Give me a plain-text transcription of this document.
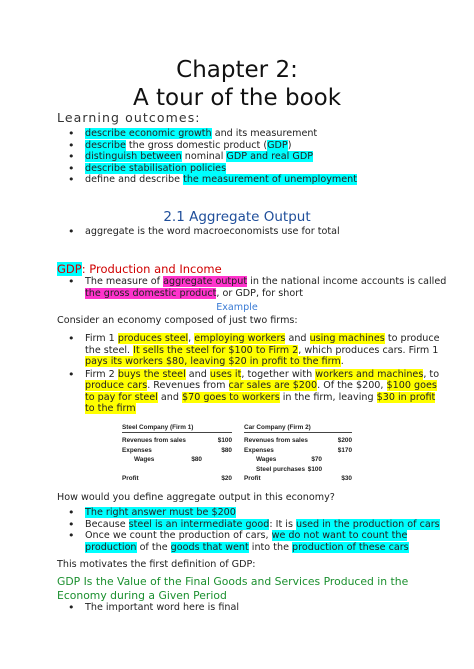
Chapter 2:
A tour of the book
Learning outcomes:
• describe economic growth and its measurement
• describe the gross domestic product (GDP)
• distinguish between nominal GDP and real GDP
• describe stabilisation policies
• define and describe the measurement of unemployment
2.1 Aggregate Output
• aggregate is the word macroeconomists use for total
GDP: Production and Income
• The measure of aggregate output in the national income accounts is called
the gross domestic product, or GDP, for short
Example
Consider an economy composed of just two firms:
• Firm 1 produces steel, employing workers and using machines to produce
the steel. It sells the steel for $100 to Firm 2, which produces cars. Firm 1
pays its workers $80, leaving $20 in profit to the firm.
• Firm 2 buys the steel and uses it, together with workers and machines, to
produce cars. Revenues from car sales are $200. Of the $200, $100 goes
to pay for steel and $70 goes to workers in the firm, leaving $30 in profit
to the firm
Steel Company (Firm 1)
Revenues from sales	$100
Expenses	$80
Wages	$80
Profit	$20
Car Company (Firm 2)
Revenues from sales	$200
Expenses	$170
Wages	$70
Steel purchases $100
Profit	$30
How would you define aggregate output in this economy?
• The right answer must be $200
• Because steel is an intermediate good: It is used in the production of cars
• Once we count the production of cars, we do not want to count the
production of the goods that went into the production of these cars
This motivates the first definition of GDP:
GDP Is the Value of the Final Goods and Services Produced in the Economy during a Given Period
• The important word here is final
